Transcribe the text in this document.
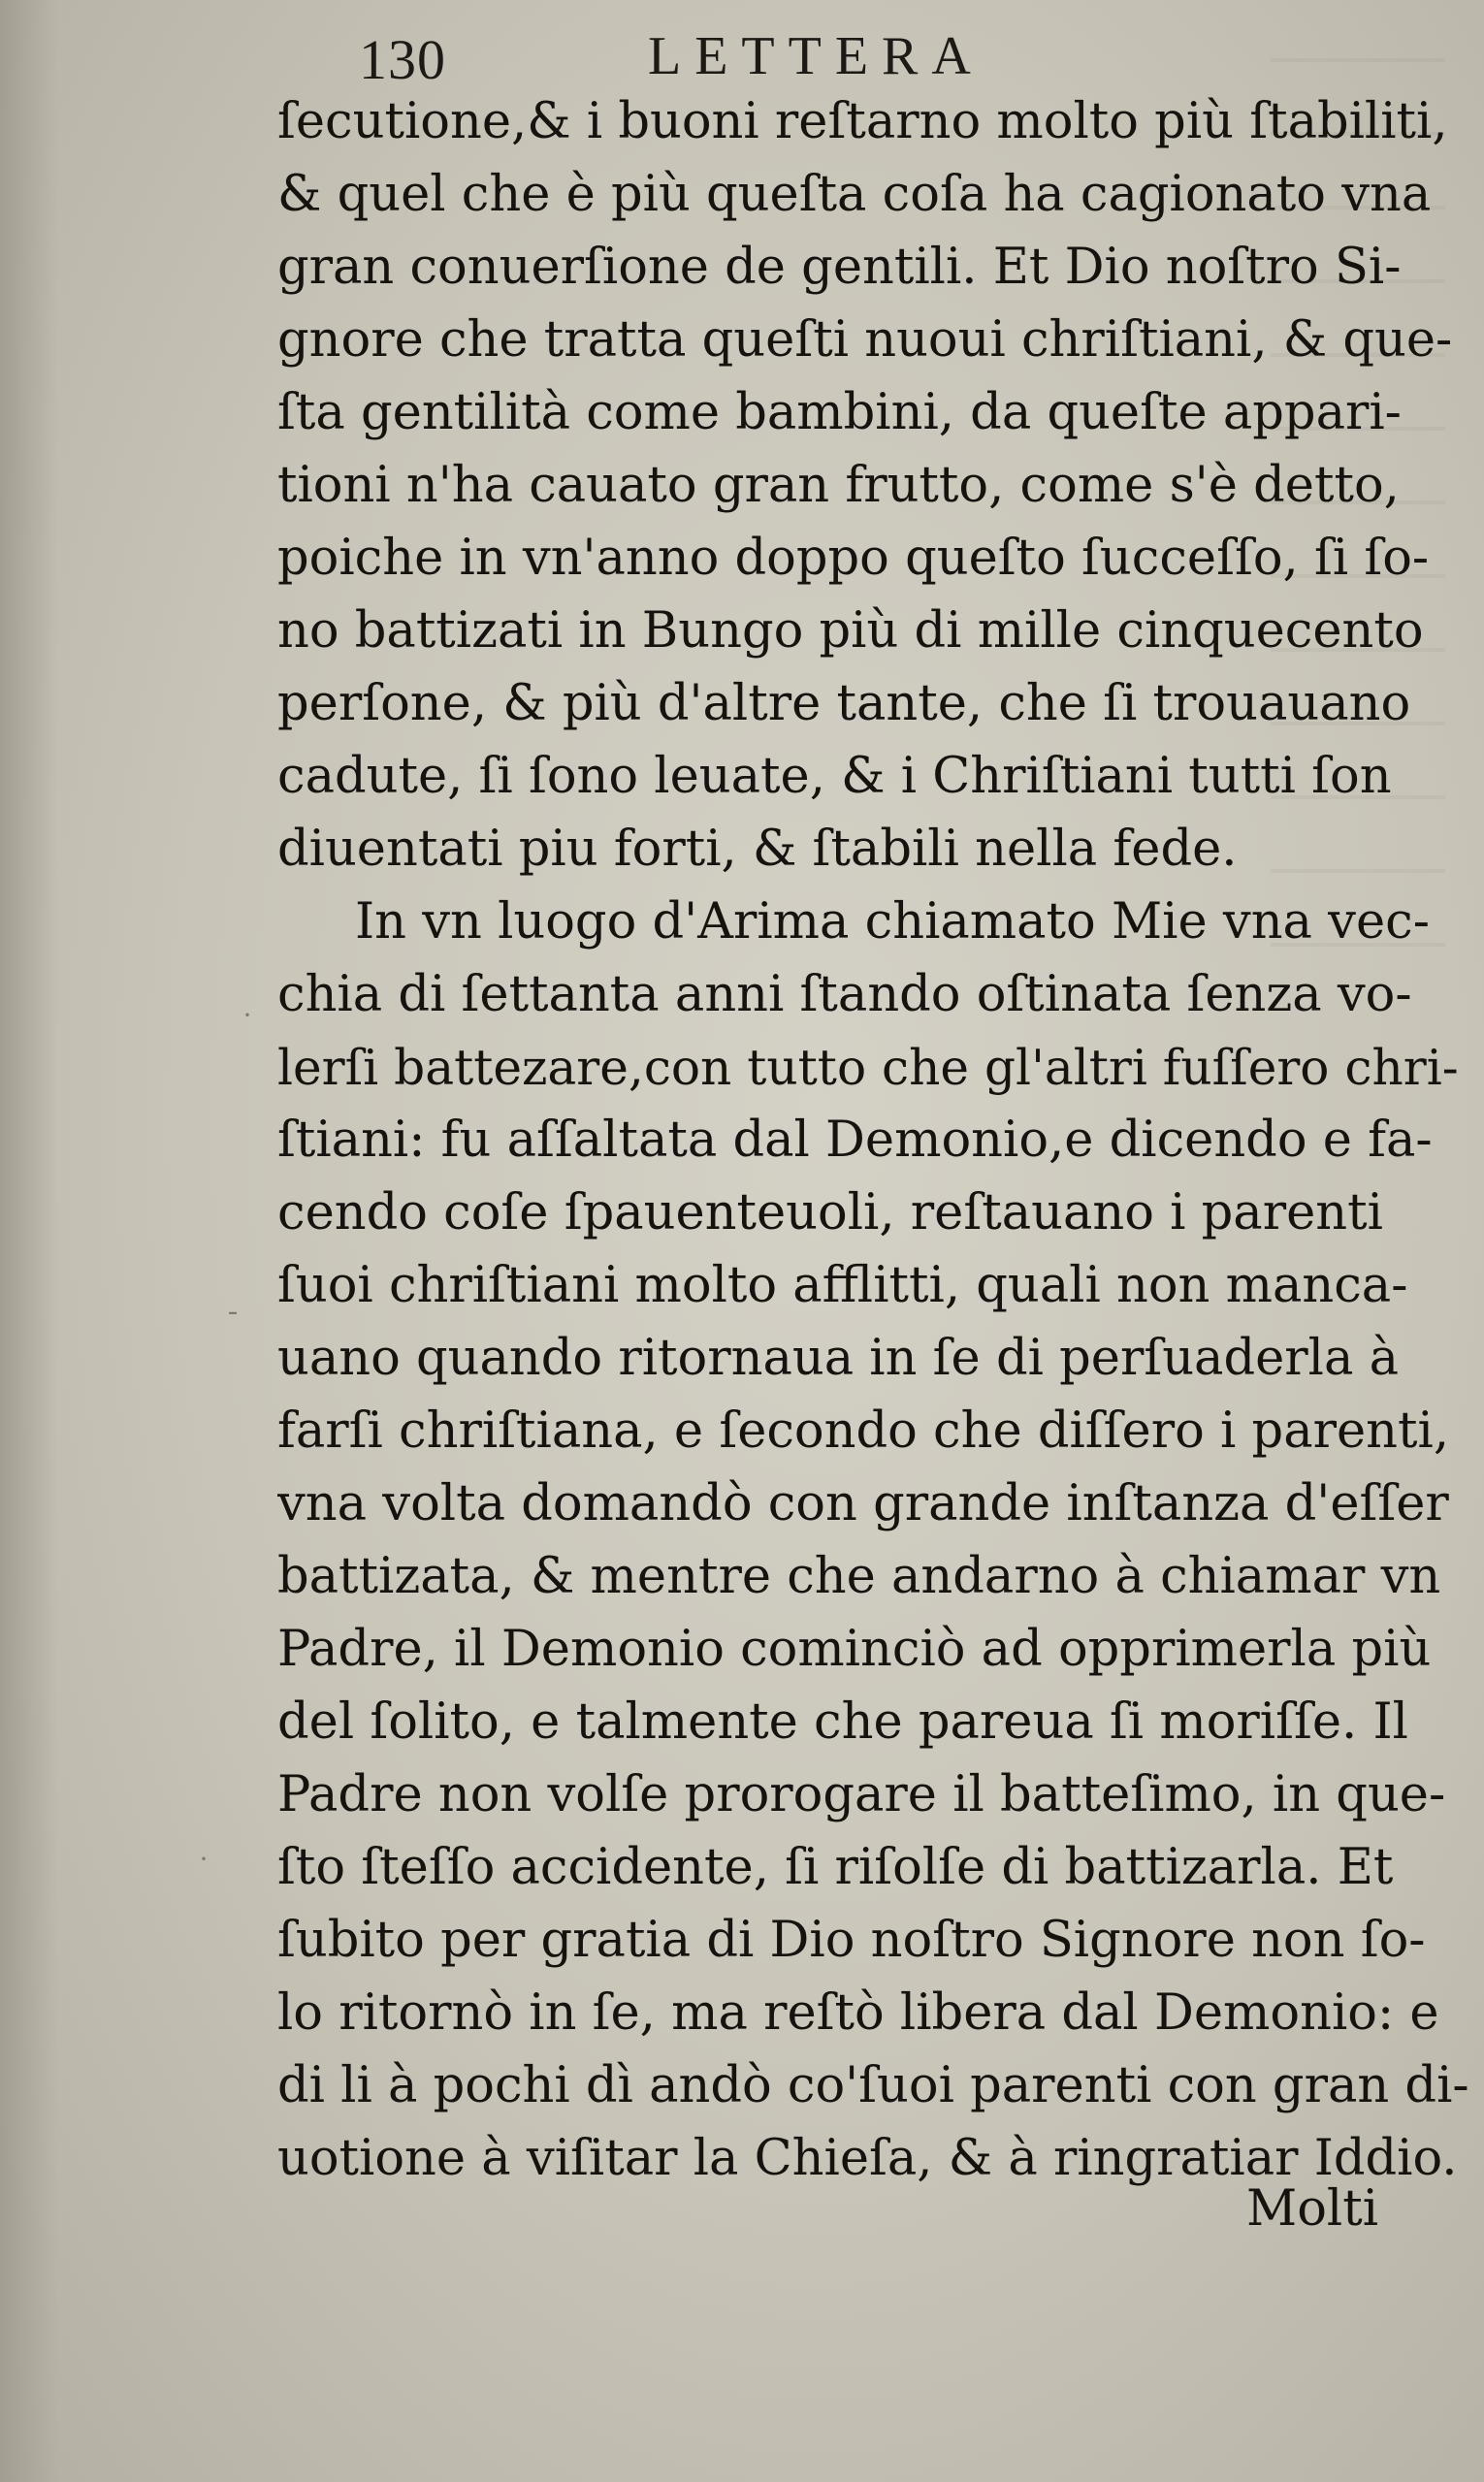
130	LETTERA
ſecutione,& i buoni reſtarno molto più ſtabiliti,
& quel che è più queſta coſa ha cagionato vna
gran conuerſione de gentili. Et Dio noſtro Si-
gnore che tratta queſti nuoui chriſtiani, & que-
ſta gentilità come bambini, da queſte appari-
tioni n'ha cauato gran frutto, come s'è detto,
poiche in vn'anno doppo queſto ſucceſſo, ſi ſo-
no battizati in Bungo più di mille cinquecento
perſone, & più d'altre tante, che ſi trouauano
cadute, ſi ſono leuate, & i Chriſtiani tutti ſon
diuentati piu forti, & ſtabili nella fede.
In vn luogo d'Arima chiamato Mie vna vec-
chia di ſettanta anni ſtando oſtinata ſenza vo-
lerſi battezare,con tutto che gl'altri fuſſero chri-
ſtiani: fu aſſaltata dal Demonio,e dicendo e fa-
cendo coſe ſpauenteuoli, reſtauano i parenti
ſuoi chriſtiani molto afflitti, quali non manca-
uano quando ritornaua in ſe di perſuaderla à
farſi chriſtiana, e ſecondo che diſſero i parenti,
vna volta domandò con grande inſtanza d'eſſer
battizata, & mentre che andarno à chiamar vn
Padre, il Demonio cominciò ad opprimerla più
del ſolito, e talmente che pareua ſi moriſſe. Il
Padre non volſe prorogare il batteſimo, in que-
ſto ſteſſo accidente, ſi riſolſe di battizarla. Et
ſubito per gratia di Dio noſtro Signore non ſo-
lo ritornò in ſe, ma reſtò libera dal Demonio: e
di li à pochi dì andò co'ſuoi parenti con gran di-
uotione à viſitar la Chieſa, & à ringratiar Iddio.
Molti
·
‐
·
